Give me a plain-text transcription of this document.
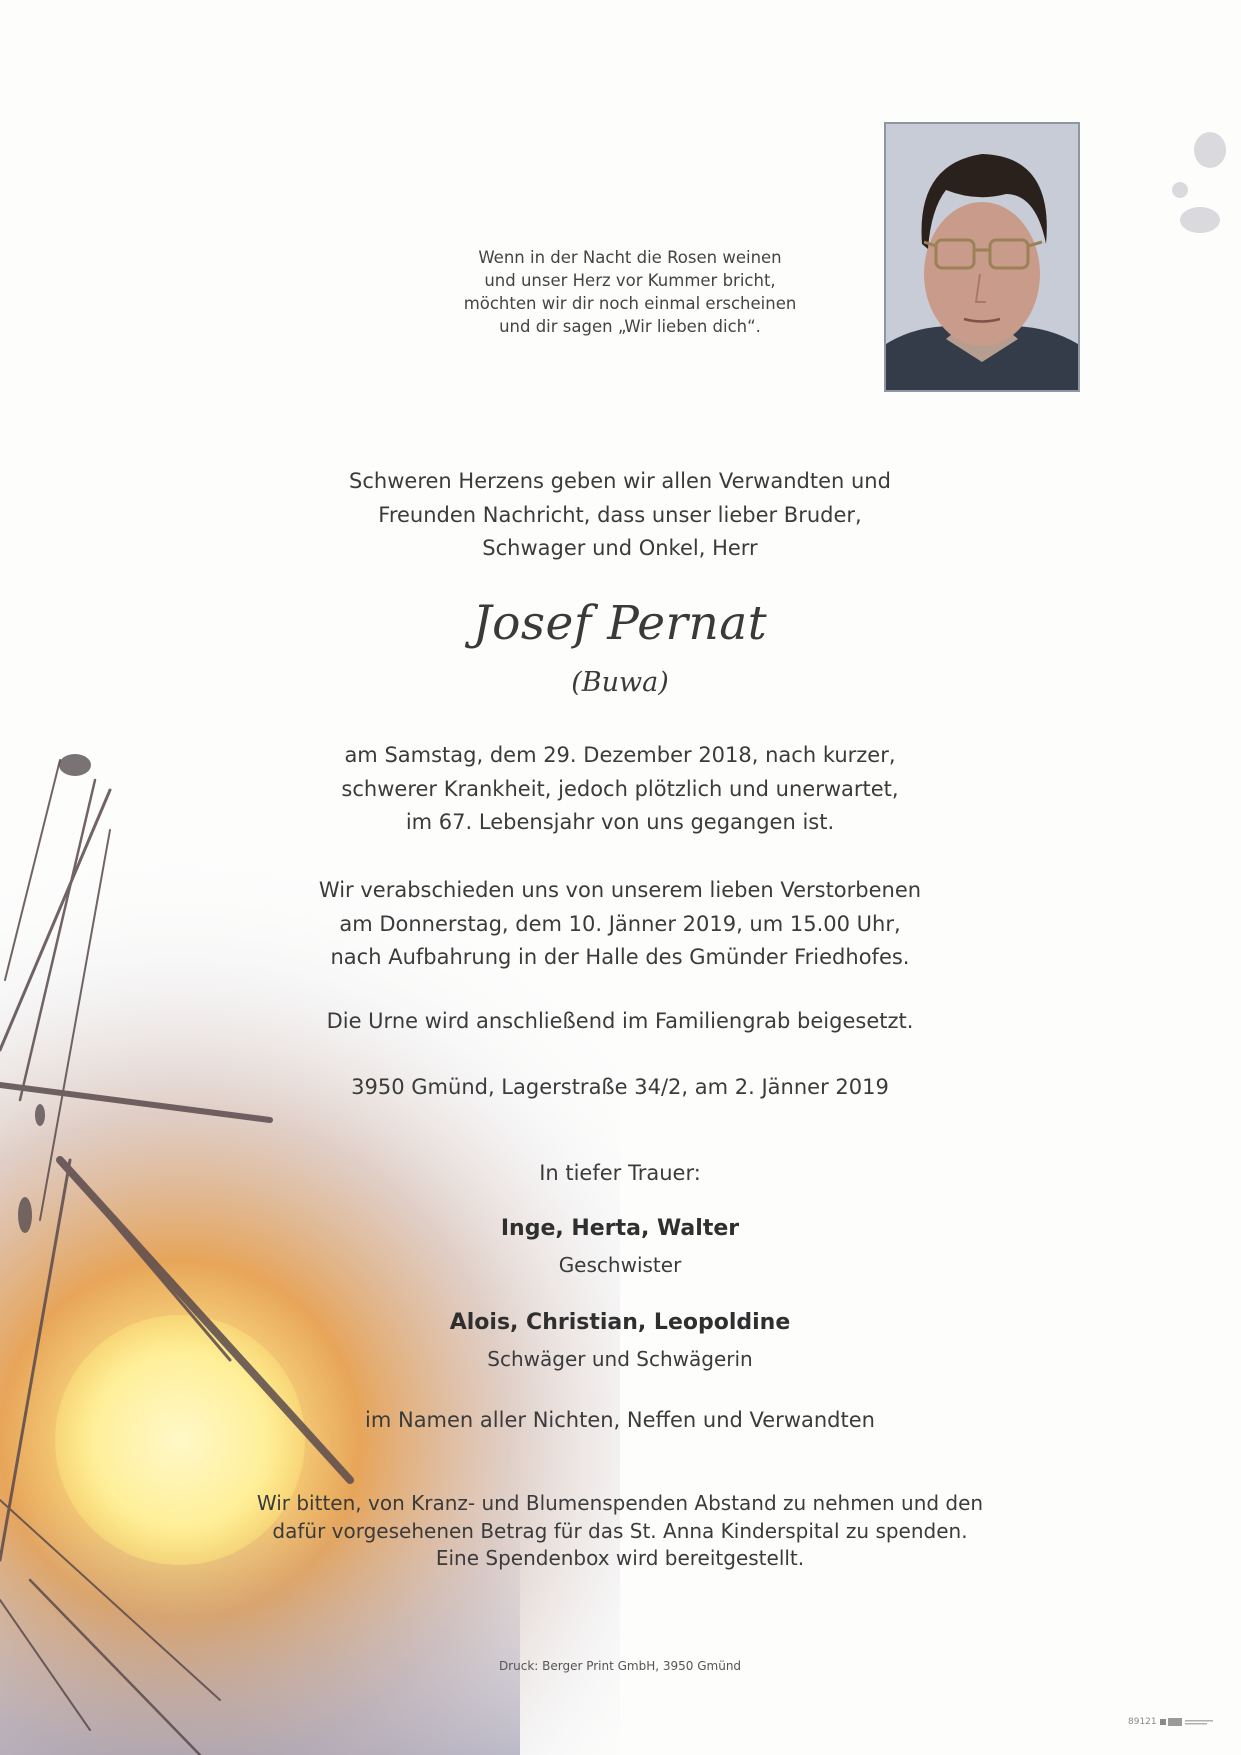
Wenn in der Nacht die Rosen weinen
und unser Herz vor Kummer bricht,
möchten wir dir noch einmal erscheinen
und dir sagen „Wir lieben dich“.
Schweren Herzens geben wir allen Verwandten und
Freunden Nachricht, dass unser lieber Bruder,
Schwager und Onkel, Herr
Josef Pernat
(Buwa)
am Samstag, dem 29. Dezember 2018, nach kurzer,
schwerer Krankheit, jedoch plötzlich und unerwartet,
im 67. Lebensjahr von uns gegangen ist.
Wir verabschieden uns von unserem lieben Verstorbenen
am Donnerstag, dem 10. Jänner 2019, um 15.00 Uhr,
nach Aufbahrung in der Halle des Gmünder Friedhofes.
Die Urne wird anschließend im Familiengrab beigesetzt.
3950 Gmünd, Lagerstraße 34/2, am 2. Jänner 2019
In tiefer Trauer:
Inge, Herta, Walter
Geschwister
Alois, Christian, Leopoldine
Schwäger und Schwägerin
im Namen aller Nichten, Neffen und Verwandten
Wir bitten, von Kranz- und Blumenspenden Abstand zu nehmen und den
dafür vorgesehenen Betrag für das St. Anna Kinderspital zu spenden.
Eine Spendenbox wird bereitgestellt.
Druck: Berger Print GmbH, 3950 Gmünd
89121
